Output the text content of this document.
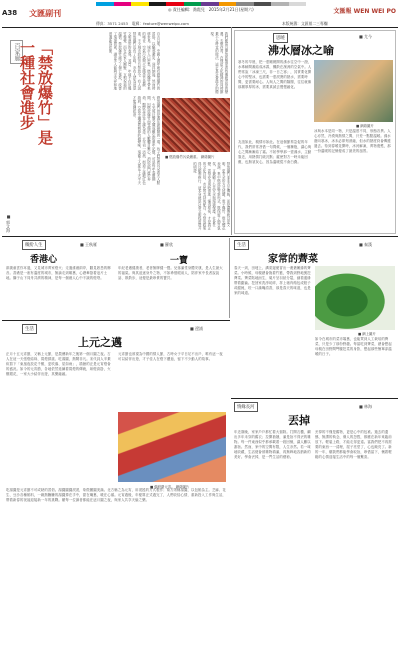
A38 文匯副刊	◎ 責任編輯：喬霞兒　2015年2月21日(星期六)	文匯報 WEN WEI PO
傳真：3571 2453　電郵：feature@wenweipo.com	本版統籌：文匯報二三專欄
百家廊	「禁放爆竹」是
一種社會進步
■ 郭文海
自古以來，中國人過年就有燃放爆竹的習俗，以驅邪避災、迎祥納福。然而時移世易，城市人口密集，燃放爆竹帶來的噪音、空氣污染與火災隱患日益嚴重，不少城市紛紛出台禁放令。有人說禁放爆竹沒有了年味，亦有人認為這是文明進步的表現。其實，年味不在於爆竹聲聲，而在於家人團聚、互相祝福的溫情。禁放爆竹減少了傷亡事故，改善了環境質素，讓更多人能夠平安祥和地度過新春佳節。	我們應當以開放的態度看待傳統習俗的變遷，去蕪存菁，在保留文化精神的同時摒棄不合時宜的做法，這正是社會進步的體現。
■ 燃放爆竹污染嚴重。 網絡圖片
燃放爆竹曾是過年最熱鬧的一環，孩子們捂着耳朵看大人點火，火光與巨響交織成難忘的童年記憶。可是每年春節期間，因燃放爆竹而受傷的人數觸目驚心，消防部門疲於奔命，醫院急診室人滿為患。大年初一清晨，街道上滿地紅色紙屑，空氣中瀰漫着刺鼻的硝煙味，環衛工人要花上大半天才能清理乾淨。
禁放爆竹並非否定傳統，而是讓傳統以更文明、更安全的方式延續。電子爆竹、燈光煙花表演、集中燃放區等新形式，既保留了節日氣氛，又兼顧了公共安全與環境保護。社會在變，習俗亦須與時俱進；懂得取捨，才是真正的文化自信。市民的支持與配合，令禁放政策得以順利推行，這本身就是社會文明程度提升的明證。
思曉	■ 尤今
沸水層冰之喻
寒冬的早晨，把一壺剛燒開的沸水往空中一潑，水珠瞬間凝結成冰霧，飄散在凜冽的空氣中。人們常說「冰凍三尺，非一日之寒」，其實要化開心中的堅冰，也需要一壺滾燙的熱水，需要時間，更需要耐心。人與人之間的隔閡，往往就像那層厚厚的冰，需要真誠去慢慢融化。
■ 網絡圖片
冰與水本是同一物，只是溫度不同，形態各異。人心亦然，冷漠與熱情之間，只差一點點溫暖。沸水潑向寒冰，冰未必即刻消融，但水的熱度終會傳遞過去。待到春暖花開時，冰河解凍，萬物復甦，那一份溫暖的記憶便成了最美的風景。
友誼如此，親情亦如此。在這個節奏急促的年代，我們常常吝惜一句問候，一個擁抱，讓心與心之間漸漸結了霜。不妨學學那一壺沸水，主動靠近，用熱情打破沉默；縱使對方一時未能回應，也無須灰心，因為溫暖從不會白費。
繽紛人生	■ 王秋雁
香港心
兩歲童雲你耳邊，又見城市萬家燈火；走過維港兩岸，聽見熟悉的鄉音。香港是一座有溫度的城市，無論走到哪裏，心總牽掛着這片土地。獅子山下同舟共濟的精神，是每一個港人心中不滅的燈塔。
■ 羅欣
一寶
年紀老邁健康者，老者無牌健一寶。兒孫滿堂身體安康，是人生最大的福氣。與其追逐身外之物，不如珍惜眼前人，陪伴家中長者說說話、散散步，這便是最珍貴的寶貝。
生活	■ 秦漢
家常的薺菜
春天一到，田埂上、溝渠邊便冒出一叢叢嫩綠的薺菜。小時候，母親總會挽着竹籃，帶我到野地裏挖薺菜。薺菜貼地而生，葉片呈羽狀分裂，細看邊緣帶着鋸齒。挖回家洗淨切碎，拌上豬肉餡包成餃子或餛飩，咬一口滿嘴清香，那是春天的味道，也是家的味道。
■ 網上圖片
如今在城市的菜市場裏，也能買到人工栽培的薺菜，只是少了那份野趣。每當吃到薺菜，總會想起母親在田野間彎腰挖菜的身影，想起那些簡單卻溫暖的日子。
生活	■ 遼浦
上元之邁
正月十五元宵節，又稱上元節，是農曆新年之後第一個月圓之夜。古人在這一天張燈結綵、賞燈猜謎、吃湯圓，熱鬧非凡。宋代詞人辛棄疾寫下「東風夜放花千樹，更吹落、星如雨」，描繪的正是元宵燈會的盛況。如今的元宵節，各地依然延續着賞燈的傳統，綵燈高掛，火樹銀花，一家大小結伴出遊，其樂融融。
元宵節也被視為中國的情人節，古時女子平日足不出戶，唯有這一夜可以結伴出遊，才子佳人在燈下邂逅，留下不少動人的故事。
■ 繽紛慶元宵。 網絡圖片
吃湯圓是元宵節不可或缺的習俗。湯圓圓圓滾滾，象徵團圓美滿。北方稱之為元宵，用滾搖的方式製作；南方則稱湯圓，以包餡為主。芝麻、花生、豆沙各種餡料，一碗熱騰騰的湯圓捧在手中，甜在嘴裏，暖在心頭。元宵過後，年便算正式過完了，人們收拾心情，重新投入工作與生活，帶着新春的祝福迎接新一年的挑戰。願每一位讀者都能在這月圓之夜，與家人共享天倫之樂。
情緣長河	■ 林海
丟掉
年近歲晚，家家戶戶都忙着大掃除。打開衣櫃，翻出多年未穿的舊衣；拉開抽屜，滿是捨不得丟的雜物。每一件東西似乎都承載着一段回憶，讓人難以割捨。然而，家中的空間有限，人生亦然。若一味地收藏，生活便會被雜物填滿，再無餘地容納新的美好。學會丟掉，是一門生活的藝術。
丟掉的不僅是舊物，更是心中的包袱。過去的遺憾、無謂的執念、傷人的怨懟，都應在新年來臨前放下。輕裝上路，才能走得更遠。當我們把不再需要的東西一一清理，屋子亮堂了，心也敞亮了。新的一年，願我們都能學會取捨，珍惜當下，懷着輕鬆的心情迎接生活中的每一個驚喜。
